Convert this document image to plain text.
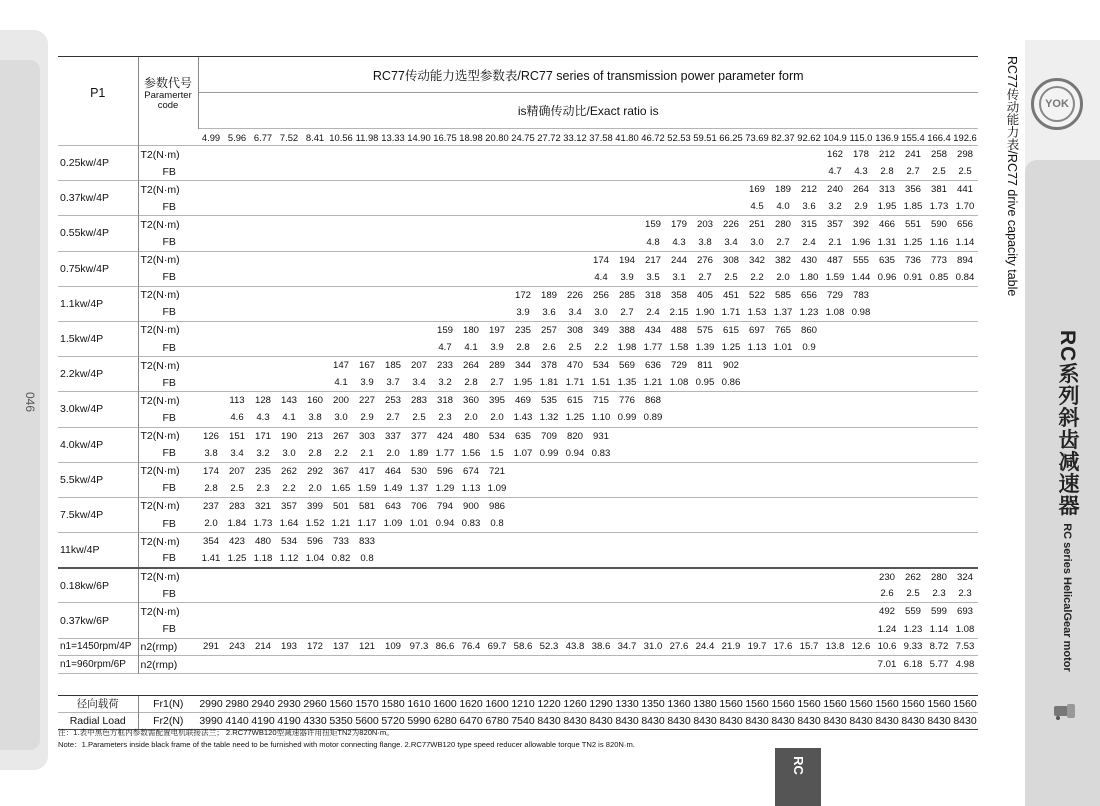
046
YOK
RC系列斜齿减速器 RC series HelicalGear motor
RC77传动能力表/RC77 drive capacity table
P1	参数代号
Paramerter code	RC77传动能力选型参数表/RC77 series of transmission power parameter form																													
		is精确传动比/Exact ratio is																													
		4.99	5.96	6.77	7.52	8.41	10.56	11.98	13.33	14.90	16.75	18.98	20.80	24.75	27.72	33.12	37.58	41.80	46.72	52.53	59.51	66.25	73.69	82.37	92.62	104.9	115.0	136.9	155.4	166.4	192.6
0.25kw/4P	T2(N·m)																									162	178	212	241	258	298
	FB																									4.7	4.3	2.8	2.7	2.5	2.5
0.37kw/4P	T2(N·m)																						169	189	212	240	264	313	356	381	441
	FB																						4.5	4.0	3.6	3.2	2.9	1.95	1.85	1.73	1.70
0.55kw/4P	T2(N·m)																		159	179	203	226	251	280	315	357	392	466	551	590	656
	FB																		4.8	4.3	3.8	3.4	3.0	2.7	2.4	2.1	1.96	1.31	1.25	1.16	1.14
0.75kw/4P	T2(N·m)																174	194	217	244	276	308	342	382	430	487	555	635	736	773	894
	FB																4.4	3.9	3.5	3.1	2.7	2.5	2.2	2.0	1.80	1.59	1.44	0.96	0.91	0.85	0.84
1.1kw/4P	T2(N·m)													172	189	226	256	285	318	358	405	451	522	585	656	729	783				
	FB													3.9	3.6	3.4	3.0	2.7	2.4	2.15	1.90	1.71	1.53	1.37	1.23	1.08	0.98				
1.5kw/4P	T2(N·m)										159	180	197	235	257	308	349	388	434	488	575	615	697	765	860						
	FB										4.7	4.1	3.9	2.8	2.6	2.5	2.2	1.98	1.77	1.58	1.39	1.25	1.13	1.01	0.9						
2.2kw/4P	T2(N·m)						147	167	185	207	233	264	289	344	378	470	534	569	636	729	811	902									
	FB						4.1	3.9	3.7	3.4	3.2	2.8	2.7	1.95	1.81	1.71	1.51	1.35	1.21	1.08	0.95	0.86									
3.0kw/4P	T2(N·m)		113	128	143	160	200	227	253	283	318	360	395	469	535	615	715	776	868												
	FB		4.6	4.3	4.1	3.8	3.0	2.9	2.7	2.5	2.3	2.0	2.0	1.43	1.32	1.25	1.10	0.99	0.89												
4.0kw/4P	T2(N·m)	126	151	171	190	213	267	303	337	377	424	480	534	635	709	820	931														
	FB	3.8	3.4	3.2	3.0	2.8	2.2	2.1	2.0	1.89	1.77	1.56	1.5	1.07	0.99	0.94	0.83														
5.5kw/4P	T2(N·m)	174	207	235	262	292	367	417	464	530	596	674	721																		
	FB	2.8	2.5	2.3	2.2	2.0	1.65	1.59	1.49	1.37	1.29	1.13	1.09																		
7.5kw/4P	T2(N·m)	237	283	321	357	399	501	581	643	706	794	900	986																		
	FB	2.0	1.84	1.73	1.64	1.52	1.21	1.17	1.09	1.01	0.94	0.83	0.8																		
11kw/4P	T2(N·m)	354	423	480	534	596	733	833																							
	FB	1.41	1.25	1.18	1.12	1.04	0.82	0.8																							
0.18kw/6P	T2(N·m)																											230	262	280	324
	FB																											2.6	2.5	2.3	2.3
0.37kw/6P	T2(N·m)																											492	559	599	693
	FB																											1.24	1.23	1.14	1.08
n1=1450rpm/4P	n2(rmp)	291	243	214	193	172	137	121	109	97.3	86.6	76.4	69.7	58.6	52.3	43.8	38.6	34.7	31.0	27.6	24.4	21.9	19.7	17.6	15.7	13.8	12.6	10.6	9.33	8.72	7.53
n1=960rpm/6P	n2(rmp)																											7.01	6.18	5.77	4.98

径向载荷	Fr1(N)	2990	2980	2940	2930	2960	1560	1570	1580	1610	1600	1620	1600	1210	1220	1260	1290	1330	1350	1360	1380	1560	1560	1560	1560	1560	1560	1560	1560	1560	1560
Radial Load	Fr2(N)	3990	4140	4190	4190	4330	5350	5600	5720	5990	6280	6470	6780	7540	8430	8430	8430	8430	8430	8430	8430	8430	8430	8430	8430	8430	8430	8430	8430	8430	8430
注：1.表中黑色方框内参数需配置电机联接法兰； 2.RC77WB120型减速器许用扭矩TN2为820N·m。
Note：1.Parameters inside black frame of the table need to be furnished with motor connecting flange. 2.RC77WB120 type speed reducer allowable torque TN2 is 820N·m.
RC
